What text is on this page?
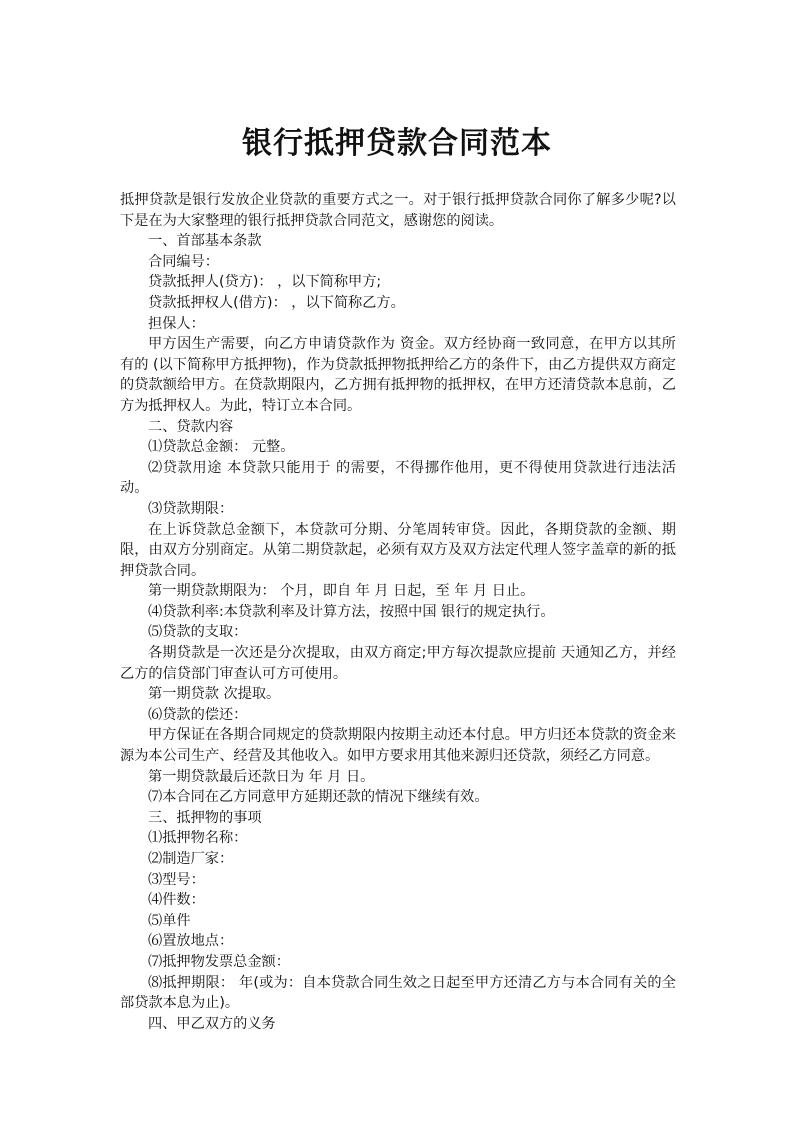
银行抵押贷款合同范本

抵押贷款是银行发放企业贷款的重要方式之一。对于银行抵押贷款合同你了解多少呢?以下是在为大家整理的银行抵押贷款合同范文，感谢您的阅读。

一、首部基本条款

合同编号：

贷款抵押人(贷方)： ，以下简称甲方;

贷款抵押权人(借方)： ，以下简称乙方。

担保人：

甲方因生产需要，向乙方申请贷款作为 资金。双方经协商一致同意，在甲方以其所有的 (以下简称甲方抵押物)，作为贷款抵押物抵押给乙方的条件下，由乙方提供双方商定的贷款额给甲方。在贷款期限内，乙方拥有抵押物的抵押权，在甲方还清贷款本息前，乙方为抵押权人。为此，特订立本合同。

二、贷款内容

⑴贷款总金额： 元整。

⑵贷款用途 本贷款只能用于 的需要，不得挪作他用，更不得使用贷款进行违法活动。

⑶贷款期限：

在上诉贷款总金额下，本贷款可分期、分笔周转审贷。因此，各期贷款的金额、期限，由双方分别商定。从第二期贷款起，必须有双方及双方法定代理人签字盖章的新的抵押贷款合同。

第一期贷款期限为： 个月，即自 年 月 日起，至 年 月 日止。

⑷贷款利率:本贷款利率及计算方法，按照中国 银行的规定执行。

⑸贷款的支取：

各期贷款是一次还是分次提取，由双方商定;甲方每次提款应提前 天通知乙方，并经乙方的信贷部门审查认可方可使用。

第一期贷款 次提取。

⑹贷款的偿还：

甲方保证在各期合同规定的贷款期限内按期主动还本付息。甲方归还本贷款的资金来源为本公司生产、经营及其他收入。如甲方要求用其他来源归还贷款，须经乙方同意。

第一期贷款最后还款日为 年 月 日。

⑺本合同在乙方同意甲方延期还款的情况下继续有效。

三、抵押物的事项

⑴抵押物名称：

⑵制造厂家：

⑶型号：

⑷件数：

⑸单件

⑹置放地点：

⑺抵押物发票总金额：

⑻抵押期限： 年(或为：自本贷款合同生效之日起至甲方还清乙方与本合同有关的全部贷款本息为止)。

四、甲乙双方的义务
